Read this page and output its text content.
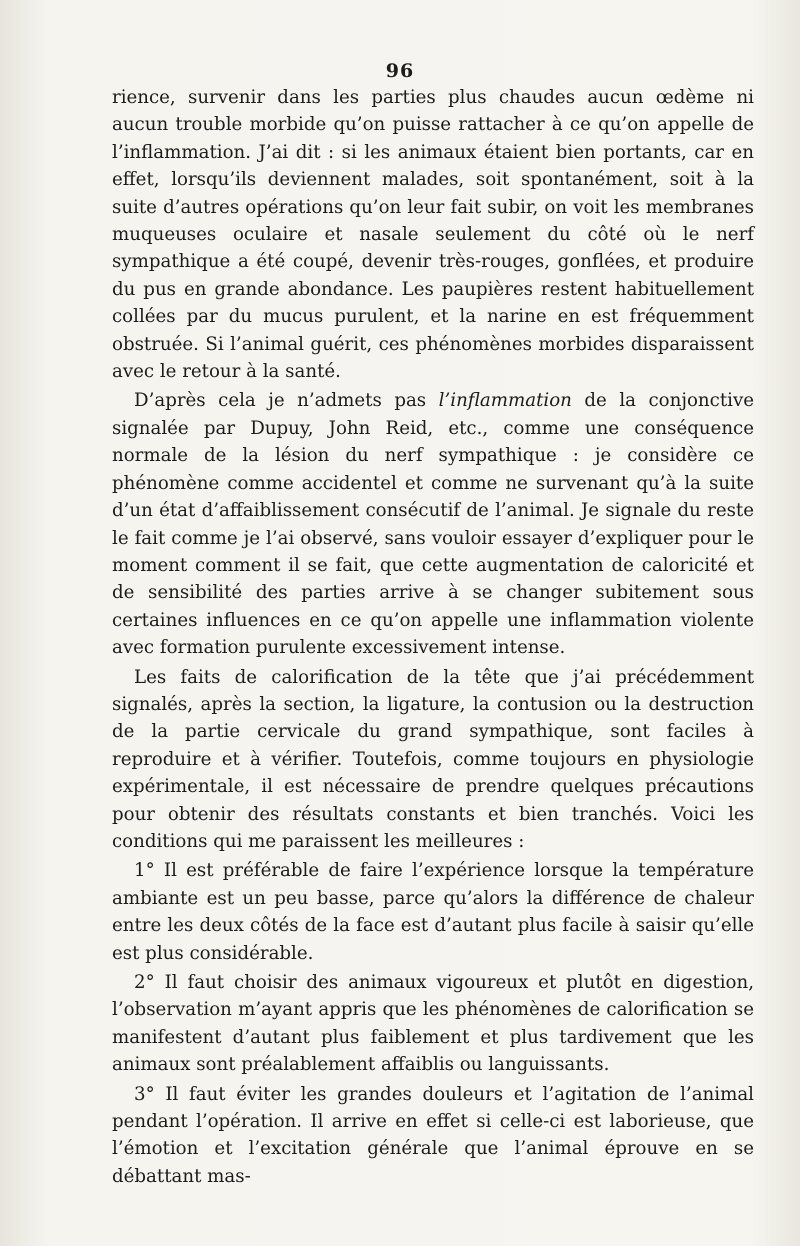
96

rience, survenir dans les parties plus chaudes aucun œdème ni aucun trouble morbide qu’on puisse rattacher à ce qu’on appelle de l’inflammation. J’ai dit : si les animaux étaient bien portants, car en effet, lorsqu’ils deviennent malades, soit spontanément, soit à la suite d’autres opérations qu’on leur fait subir, on voit les membranes muqueuses oculaire et nasale seulement du côté où le nerf sympathique a été coupé, devenir très-rouges, gonflées, et produire du pus en grande abondance. Les paupières restent habituellement collées par du mucus purulent, et la narine en est fréquemment obstruée. Si l’animal guérit, ces phénomènes morbides disparaissent avec le retour à la santé.

D’après cela je n’admets pas l’inflammation de la conjonctive signalée par Dupuy, John Reid, etc., comme une conséquence normale de la lésion du nerf sympathique : je considère ce phénomène comme accidentel et comme ne survenant qu’à la suite d’un état d’affaiblissement consécutif de l’animal. Je signale du reste le fait comme je l’ai observé, sans vouloir essayer d’expliquer pour le moment comment il se fait, que cette augmentation de caloricité et de sensibilité des parties arrive à se changer subitement sous certaines influences en ce qu’on appelle une inflammation violente avec formation purulente excessivement intense.

Les faits de calorification de la tête que j’ai précédemment signalés, après la section, la ligature, la contusion ou la destruction de la partie cervicale du grand sympathique, sont faciles à reproduire et à vérifier. Toutefois, comme toujours en physiologie expérimentale, il est nécessaire de prendre quelques précautions pour obtenir des résultats constants et bien tranchés. Voici les conditions qui me paraissent les meilleures :

1° Il est préférable de faire l’expérience lorsque la température ambiante est un peu basse, parce qu’alors la différence de chaleur entre les deux côtés de la face est d’autant plus facile à saisir qu’elle est plus considérable.

2° Il faut choisir des animaux vigoureux et plutôt en digestion, l’observation m’ayant appris que les phénomènes de calorification se manifestent d’autant plus faiblement et plus tardivement que les animaux sont préalablement affaiblis ou languissants.

3° Il faut éviter les grandes douleurs et l’agitation de l’animal pendant l’opération. Il arrive en effet si celle-ci est laborieuse, que l’émotion et l’excitation générale que l’animal éprouve en se débattant mas-
